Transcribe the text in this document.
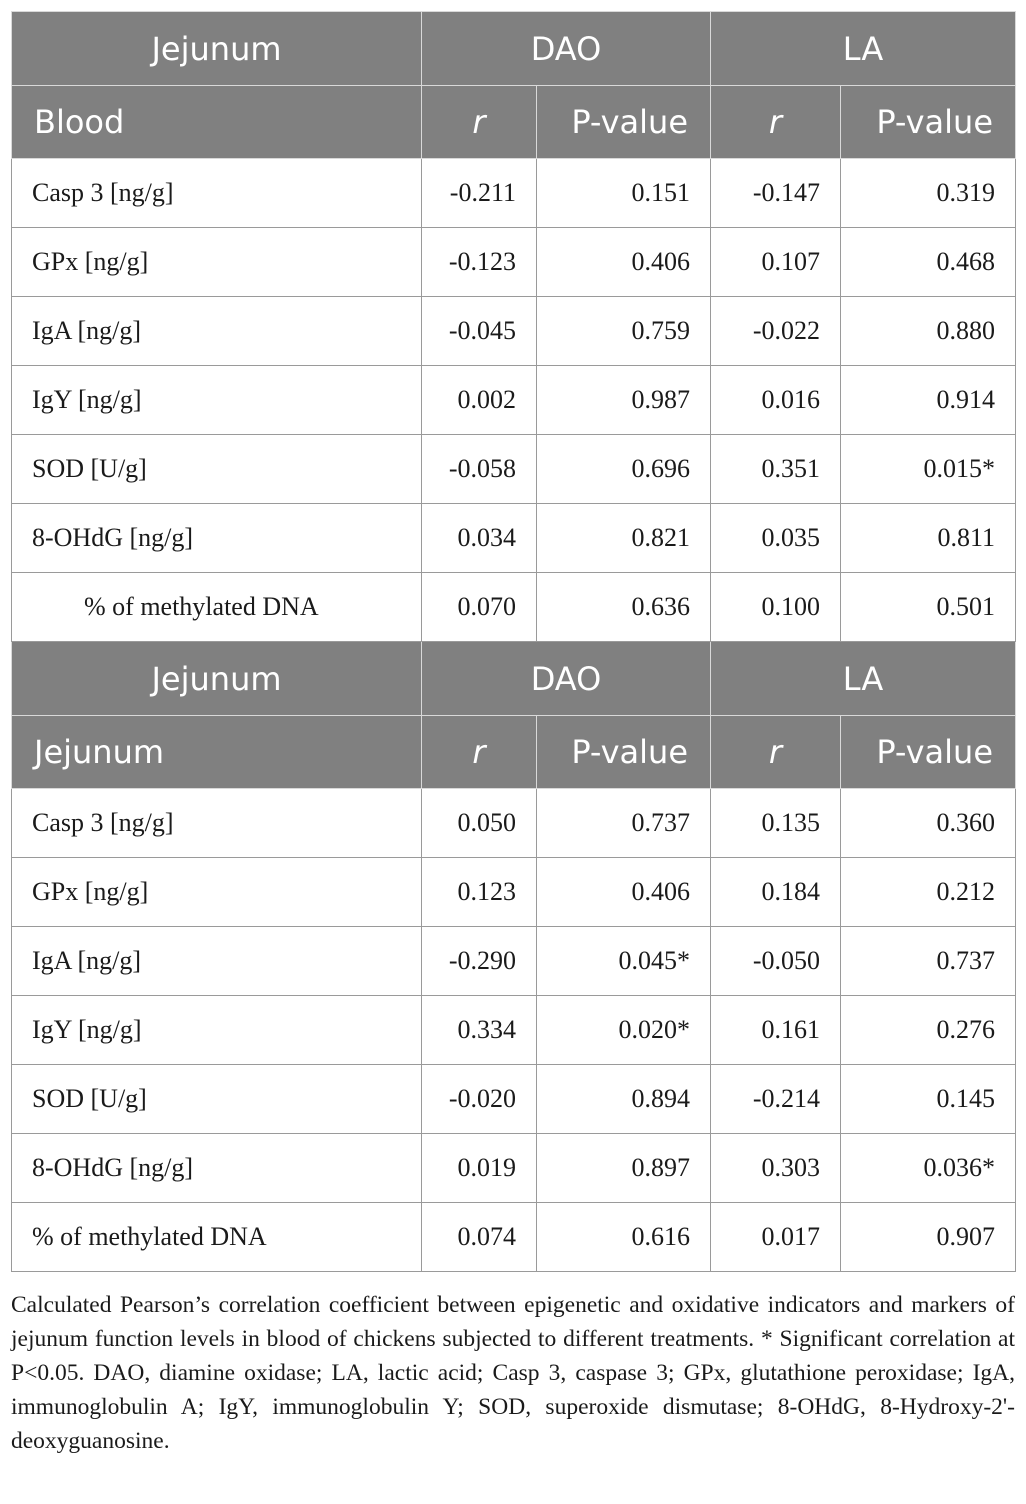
Jejunum	DAO		LA	
Blood	r	P-value	r	P-value
Casp 3 [ng/g]	-0.211	0.151	-0.147	0.319
GPx [ng/g]	-0.123	0.406	0.107	0.468
IgA [ng/g]	-0.045	0.759	-0.022	0.880
IgY [ng/g]	0.002	0.987	0.016	0.914
SOD [U/g]	-0.058	0.696	0.351	0.015*
8-OHdG [ng/g]	0.034	0.821	0.035	0.811
% of methylated DNA	0.070	0.636	0.100	0.501
Jejunum	DAO		LA	
Jejunum	r	P-value	r	P-value
Casp 3 [ng/g]	0.050	0.737	0.135	0.360
GPx [ng/g]	0.123	0.406	0.184	0.212
IgA [ng/g]	-0.290	0.045*	-0.050	0.737
IgY [ng/g]	0.334	0.020*	0.161	0.276
SOD [U/g]	-0.020	0.894	-0.214	0.145
8-OHdG [ng/g]	0.019	0.897	0.303	0.036*
% of methylated DNA	0.074	0.616	0.017	0.907
Calculated Pearson’s correlation coefficient between epigenetic and oxidative indicators and markers of jejunum function levels in blood of chickens subjected to different treatments. * Significant correlation at P<0.05. DAO, diamine oxidase; LA, lactic acid; Casp 3, caspase 3; GPx, glutathione peroxidase; IgA, immunoglobulin A; IgY, immunoglobulin Y; SOD, superoxide dismutase; 8-OHdG, 8-Hydroxy-2'-deoxyguanosine.
